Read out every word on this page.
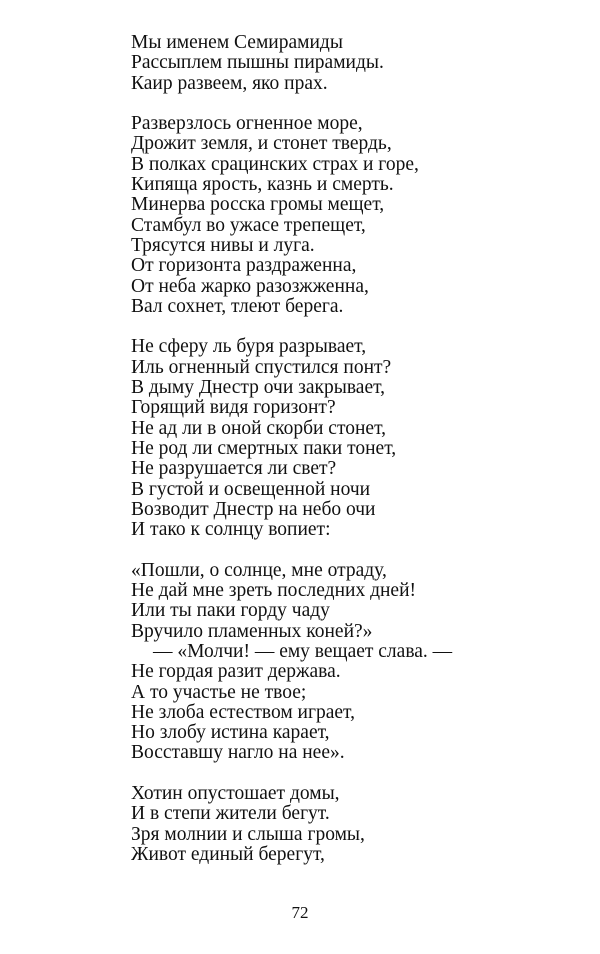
Мы именем Семирамиды
Рассыплем пышны пирамиды.
Каир развеем, яко прах.
Разверзлось огненное море,
Дрожит земля, и стонет твердь,
В полках срацинских страх и горе,
Кипяща ярость, казнь и смерть.
Минерва росска громы мещет,
Стамбул во ужасе трепещет,
Трясутся нивы и луга.
От горизонта раздраженна,
От неба жарко разозжженна,
Вал сохнет, тлеют берега.
Не сферу ль буря разрывает,
Иль огненный спустился понт?
В дыму Днестр очи закрывает,
Горящий видя горизонт?
Не ад ли в оной скорби стонет,
Не род ли смертных паки тонет,
Не разрушается ли свет?
В густой и освещенной ночи
Возводит Днестр на небо очи
И тако к солнцу вопиет:
«Пошли, о солнце, мне отраду,
Не дай мне зреть последних дней!
Или ты паки горду чаду
Вручило пламенных коней?»
— «Молчи! — ему вещает слава. —
Не гордая разит держава.
А то участье не твое;
Не злоба естеством играет,
Но злобу истина карает,
Восставшу нагло на нее».
Хотин опустошает домы,
И в степи жители бегут.
Зря молнии и слыша громы,
Живот единый берегут,
72
